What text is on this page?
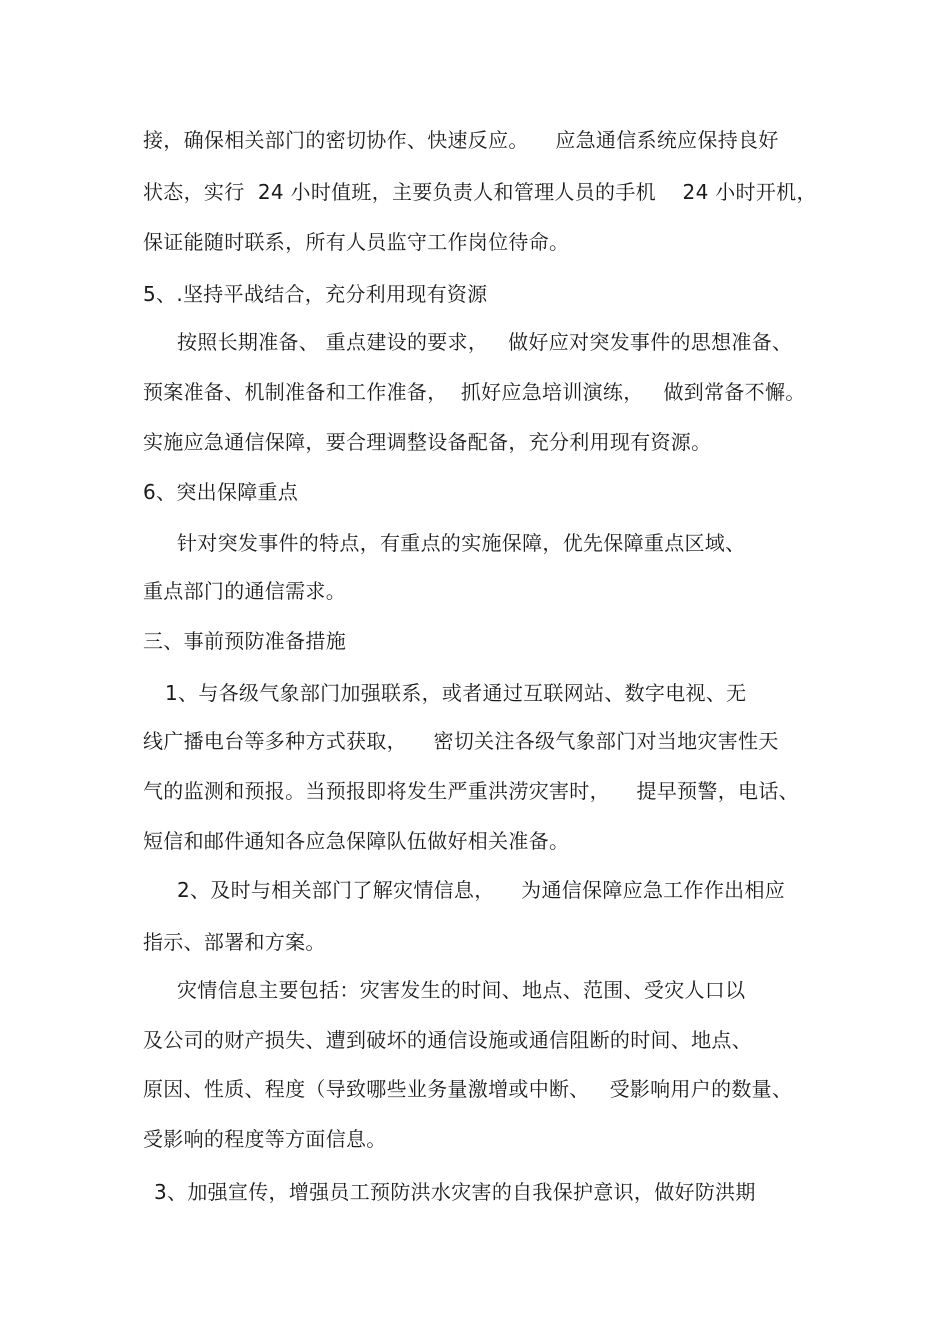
接，确保相关部门的密切协作、快速反应。    应急通信系统应保持良好
状态，实行  24 小时值班，主要负责人和管理人员的手机    24 小时开机，
保证能随时联系，所有人员监守工作岗位待命。
5、.坚持平战结合，充分利用现有资源
按照长期准备、 重点建设的要求，   做好应对突发事件的思想准备、
预案准备、机制准备和工作准备，  抓好应急培训演练，   做到常备不懈。
实施应急通信保障，要合理调整设备配备，充分利用现有资源。
6、突出保障重点
针对突发事件的特点，有重点的实施保障，优先保障重点区域、
重点部门的通信需求。
三、事前预防准备措施
1、与各级气象部门加强联系，或者通过互联网站、数字电视、无
线广播电台等多种方式获取，    密切关注各级气象部门对当地灾害性天
气的监测和预报。当预报即将发生严重洪涝灾害时，    提早预警，电话、
短信和邮件通知各应急保障队伍做好相关准备。
2、及时与相关部门了解灾情信息，    为通信保障应急工作作出相应
指示、部署和方案。
灾情信息主要包括：灾害发生的时间、地点、范围、受灾人口以
及公司的财产损失、遭到破坏的通信设施或通信阻断的时间、地点、
原因、性质、程度（导致哪些业务量激增或中断、   受影响用户的数量、
受影响的程度等方面信息。
3、加强宣传，增强员工预防洪水灾害的自我保护意识，做好防洪期
